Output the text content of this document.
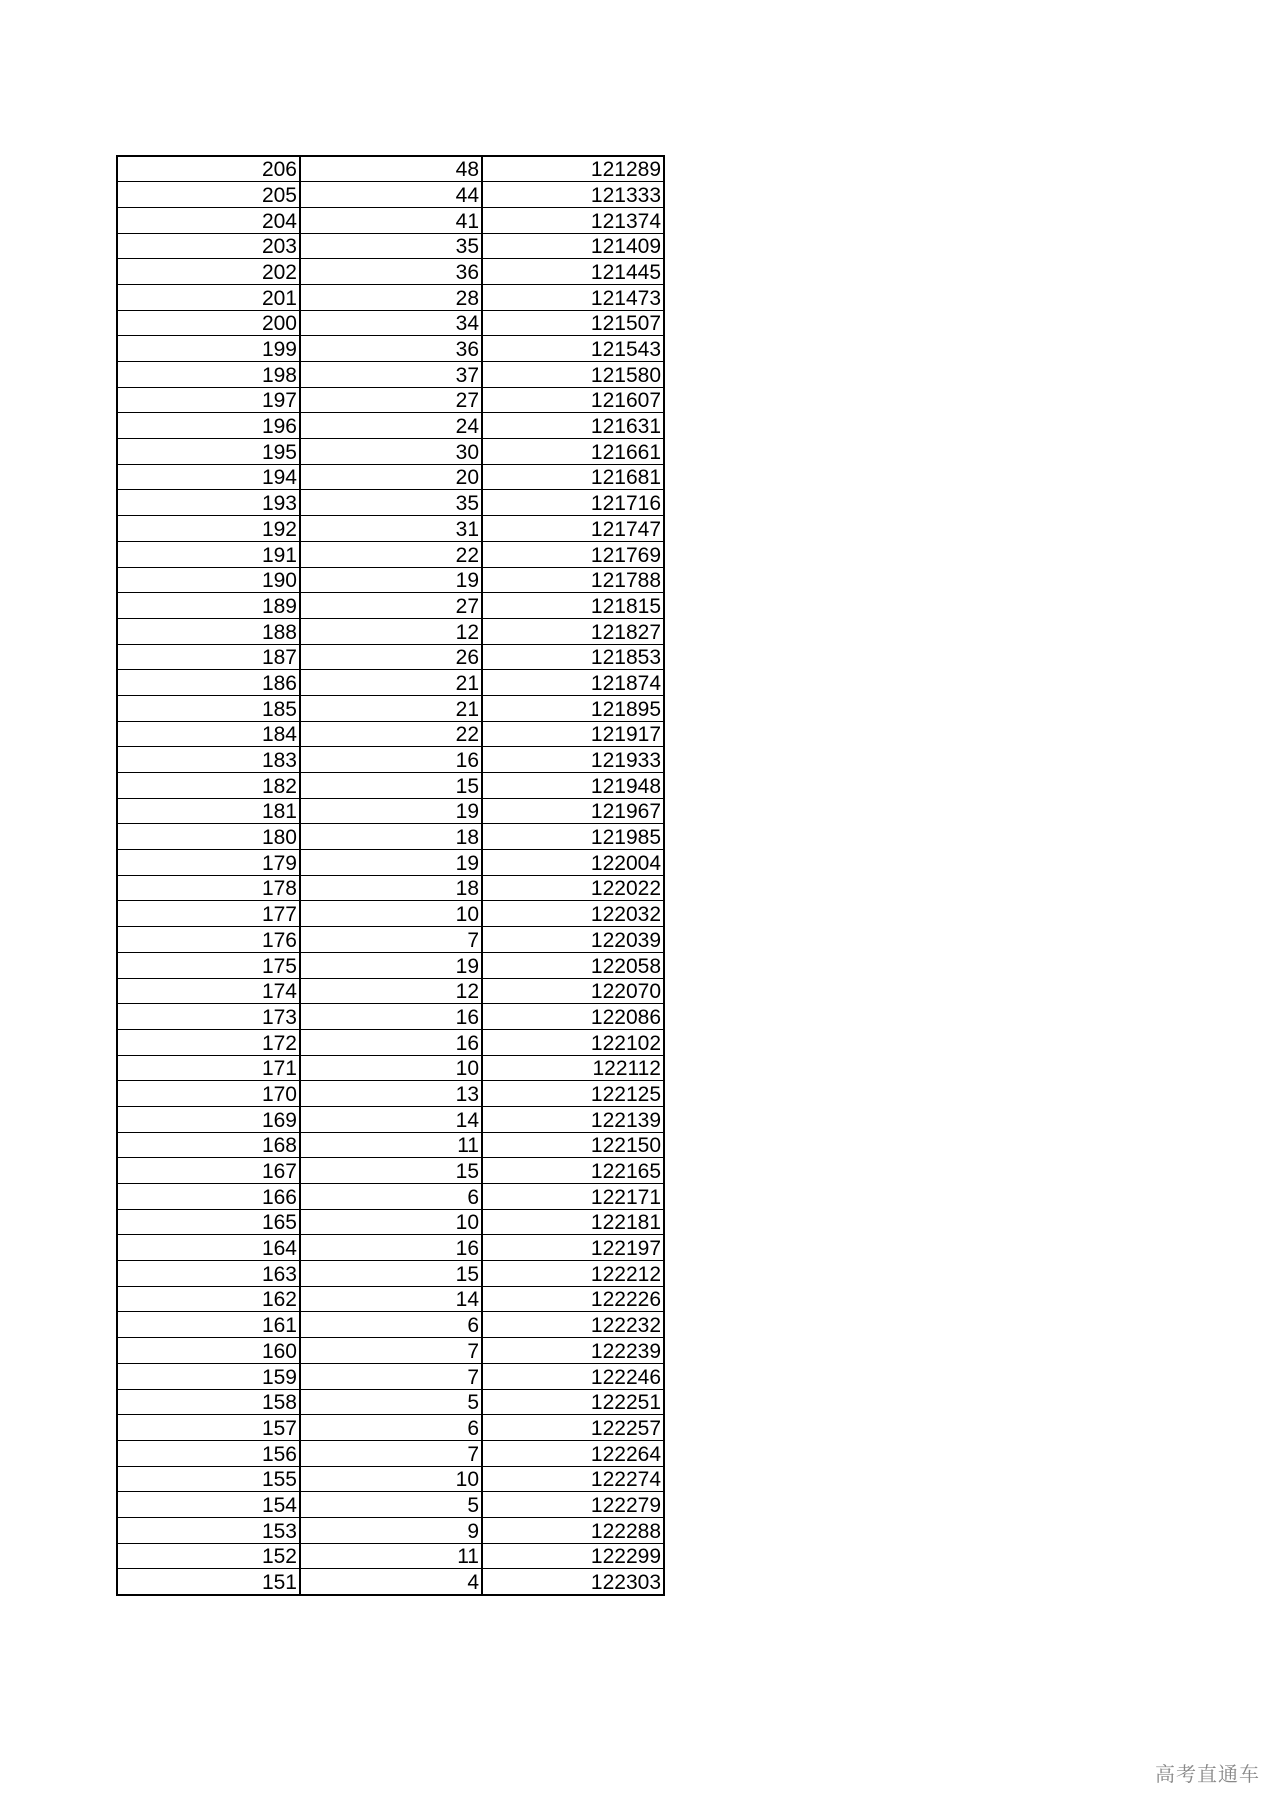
206	48	121289
205	44	121333
204	41	121374
203	35	121409
202	36	121445
201	28	121473
200	34	121507
199	36	121543
198	37	121580
197	27	121607
196	24	121631
195	30	121661
194	20	121681
193	35	121716
192	31	121747
191	22	121769
190	19	121788
189	27	121815
188	12	121827
187	26	121853
186	21	121874
185	21	121895
184	22	121917
183	16	121933
182	15	121948
181	19	121967
180	18	121985
179	19	122004
178	18	122022
177	10	122032
176	7	122039
175	19	122058
174	12	122070
173	16	122086
172	16	122102
171	10	122112
170	13	122125
169	14	122139
168	11	122150
167	15	122165
166	6	122171
165	10	122181
164	16	122197
163	15	122212
162	14	122226
161	6	122232
160	7	122239
159	7	122246
158	5	122251
157	6	122257
156	7	122264
155	10	122274
154	5	122279
153	9	122288
152	11	122299
151	4	122303
高考直通车
